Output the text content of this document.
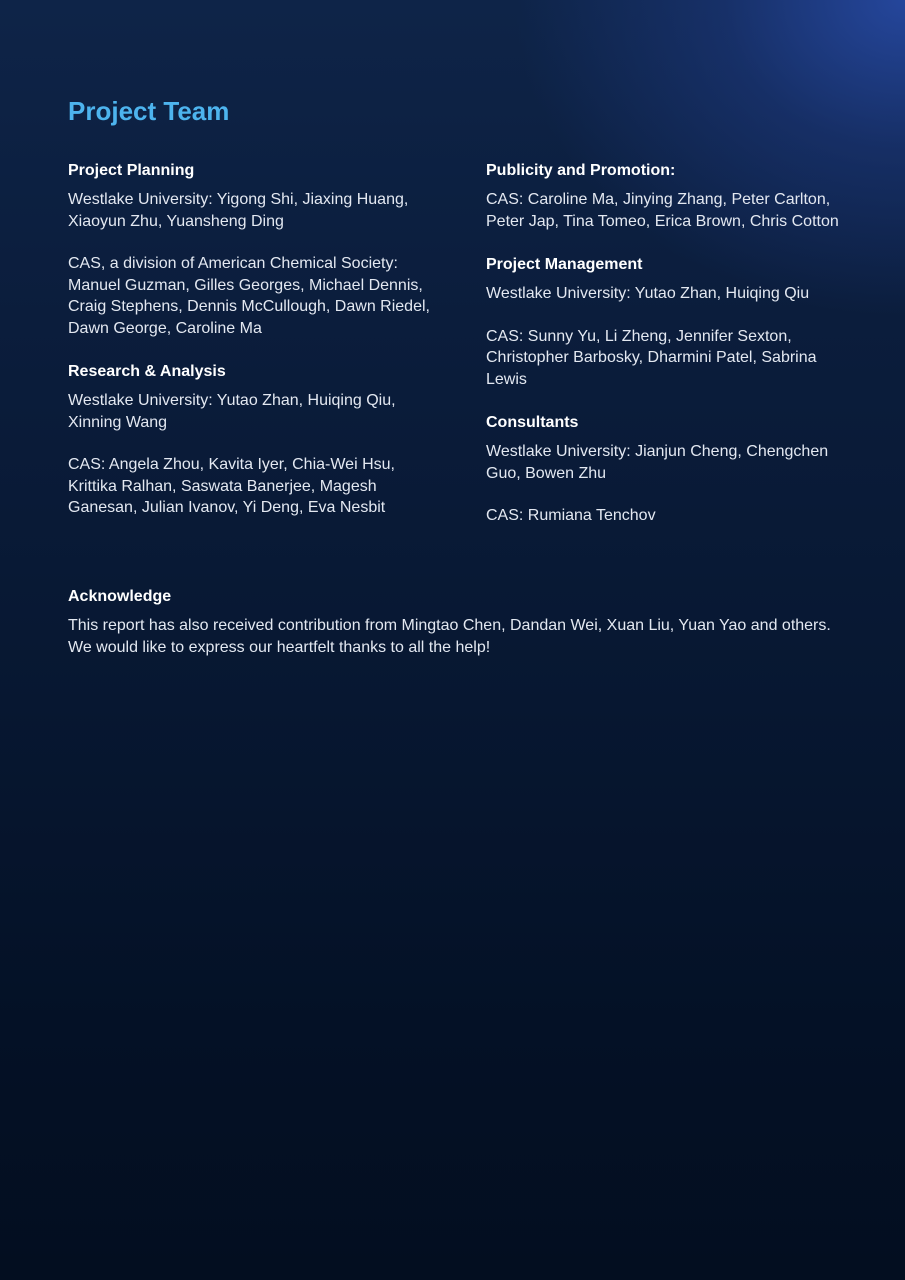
Project Team
Project Planning
Westlake University: Yigong Shi, Jiaxing Huang,
Xiaoyun Zhu, Yuansheng Ding
CAS, a division of American Chemical Society:
Manuel Guzman, Gilles Georges, Michael Dennis,
Craig Stephens, Dennis McCullough, Dawn Riedel,
Dawn George, Caroline Ma
Research & Analysis
Westlake University: Yutao Zhan, Huiqing Qiu,
Xinning Wang
CAS: Angela Zhou, Kavita Iyer, Chia-Wei Hsu,
Krittika Ralhan, Saswata Banerjee, Magesh
Ganesan, Julian Ivanov, Yi Deng, Eva Nesbit
Publicity and Promotion:
CAS: Caroline Ma, Jinying Zhang, Peter Carlton,
Peter Jap, Tina Tomeo, Erica Brown, Chris Cotton
Project Management
Westlake University: Yutao Zhan, Huiqing Qiu
CAS: Sunny Yu, Li Zheng, Jennifer Sexton,
Christopher Barbosky, Dharmini Patel, Sabrina
Lewis
Consultants
Westlake University: Jianjun Cheng, Chengchen
Guo, Bowen Zhu
CAS: Rumiana Tenchov
Acknowledge
This report has also received contribution from Mingtao Chen, Dandan Wei, Xuan Liu, Yuan Yao and others.
We would like to express our heartfelt thanks to all the help!
